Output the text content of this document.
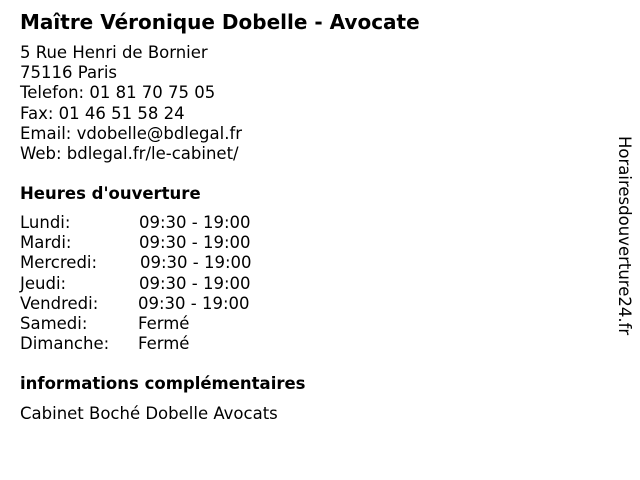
Maître Véronique Dobelle - Avocate
5 Rue Henri de Bornier
75116 Paris
Telefon: 01 81 70 75 05
Fax: 01 46 51 58 24
Email: vdobelle@bdlegal.fr
Web: bdlegal.fr/le-cabinet/
Heures d'ouverture
Lundi:	09:30 - 19:00
Mardi:	09:30 - 19:00
Mercredi:	09:30 - 19:00
Jeudi:	09:30 - 19:00
Vendredi: 09:30 - 19:00
Samedi:	Fermé
Dimanche: Fermé
informations complémentaires
Cabinet Boché Dobelle Avocats
Horairesdouverture24.fr
